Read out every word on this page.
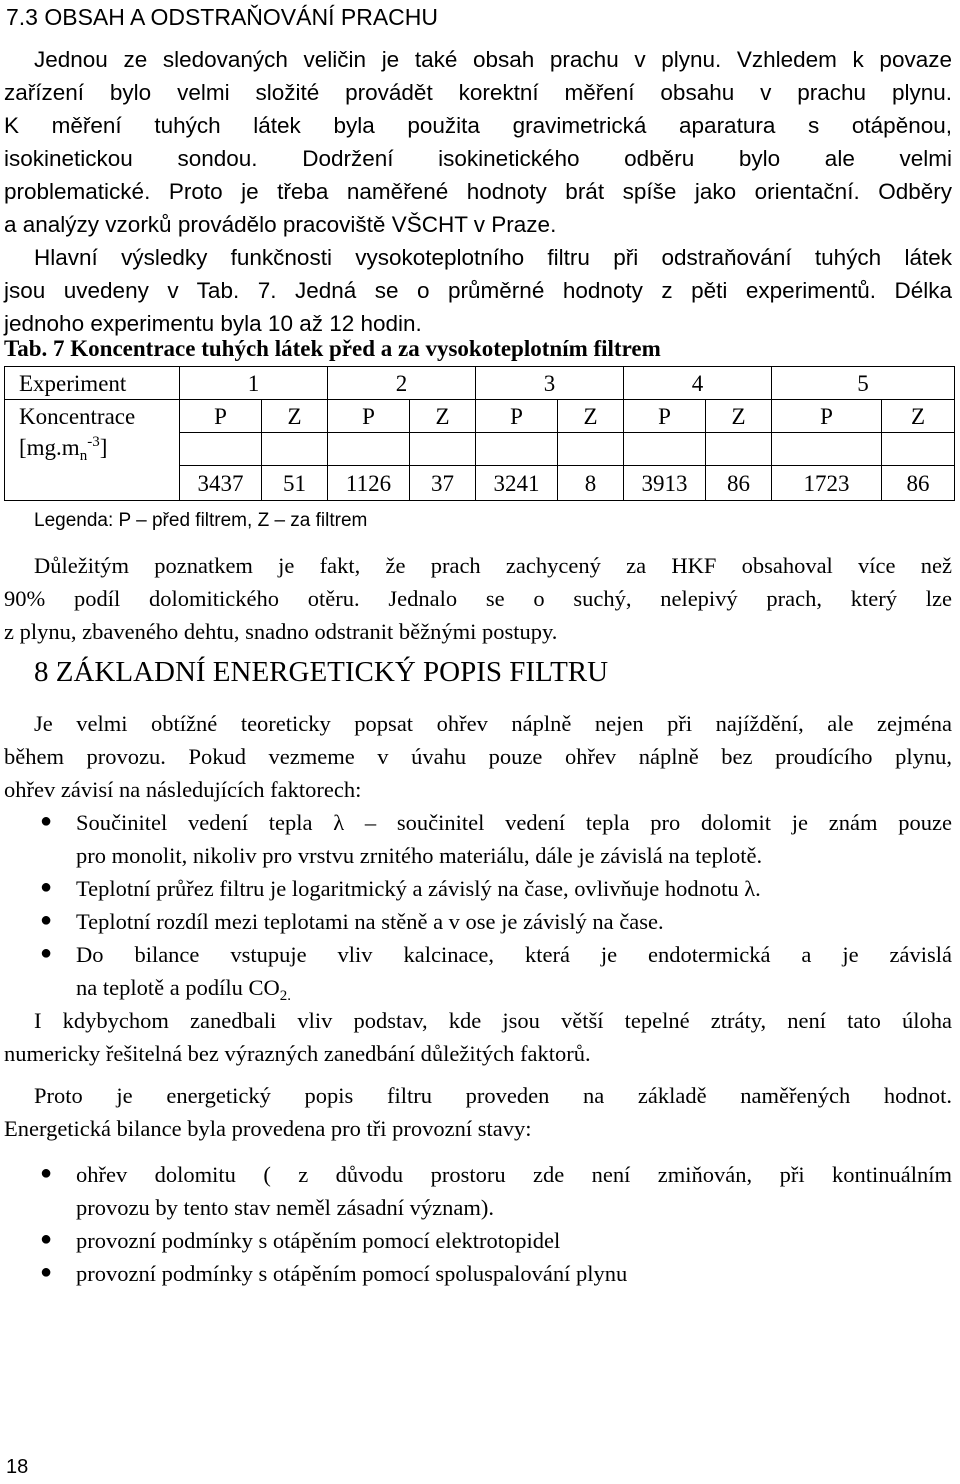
7.3 OBSAH A ODSTRAŇOVÁNÍ PRACHU
Jednou ze sledovaných veličin je také obsah prachu v plynu. Vzhledem k povaze
zařízení bylo velmi složité provádět korektní měření obsahu v prachu plynu.
K měření tuhých látek byla použita gravimetrická aparatura s otápěnou,
isokinetickou sondou. Dodržení isokinetického odběru bylo ale velmi
problematické. Proto je třeba naměřené hodnoty brát spíše jako orientační. Odběry
a analýzy vzorků provádělo pracoviště VŠCHT v Praze.
Hlavní výsledky funkčnosti vysokoteplotního filtru při odstraňování tuhých látek
jsou uvedeny v Tab. 7. Jedná se o průměrné hodnoty z pěti experimentů. Délka
jednoho experimentu byla 10 až 12 hodin.
Tab. 7 Koncentrace tuhých látek před a za vysokoteplotním filtrem
Experiment	1		2		3		4		5	
Koncentrace	P	Z	P	Z	P	Z	P	Z	P	Z
$[mg.m_n^{-3}]$										
	3437	51	1126	37	3241	8	3913	86	1723	86
Legenda: P – před filtrem, Z – za filtrem
Důležitým poznatkem je fakt, že prach zachycený za HKF obsahoval více než
90% podíl dolomitického otěru. Jednalo se o suchý, nelepivý prach, který lze
z plynu, zbaveného dehtu, snadno odstranit běžnými postupy.
8 ZÁKLADNÍ ENERGETICKÝ POPIS FILTRU
Je velmi obtížné teoreticky popsat ohřev náplně nejen při najíždění, ale zejména
během provozu. Pokud vezmeme v úvahu pouze ohřev náplně bez proudícího plynu,
ohřev závisí na následujících faktorech:
● Součinitel vedení tepla λ – součinitel vedení tepla pro dolomit je znám pouze
pro monolit, nikoliv pro vrstvu zrnitého materiálu, dále je závislá na teplotě.
● Teplotní průřez filtru je logaritmický a závislý na čase, ovlivňuje hodnotu λ.
● Teplotní rozdíl mezi teplotami na stěně a v ose je závislý na čase.
● Do bilance vstupuje vliv kalcinace, která je endotermická a je závislá
na teplotě a podílu $CO_{2.}$
I kdybychom zanedbali vliv podstav, kde jsou větší tepelné ztráty, není tato úloha
numericky řešitelná bez výrazných zanedbání důležitých faktorů.
Proto je energetický popis filtru proveden na základě naměřených hodnot.
Energetická bilance byla provedena pro tři provozní stavy:
● ohřev dolomitu ( z důvodu prostoru zde není zmiňován, při kontinuálním
provozu by tento stav neměl zásadní význam).
● provozní podmínky s otápěním pomocí elektrotopidel
● provozní podmínky s otápěním pomocí spoluspalování plynu
18
